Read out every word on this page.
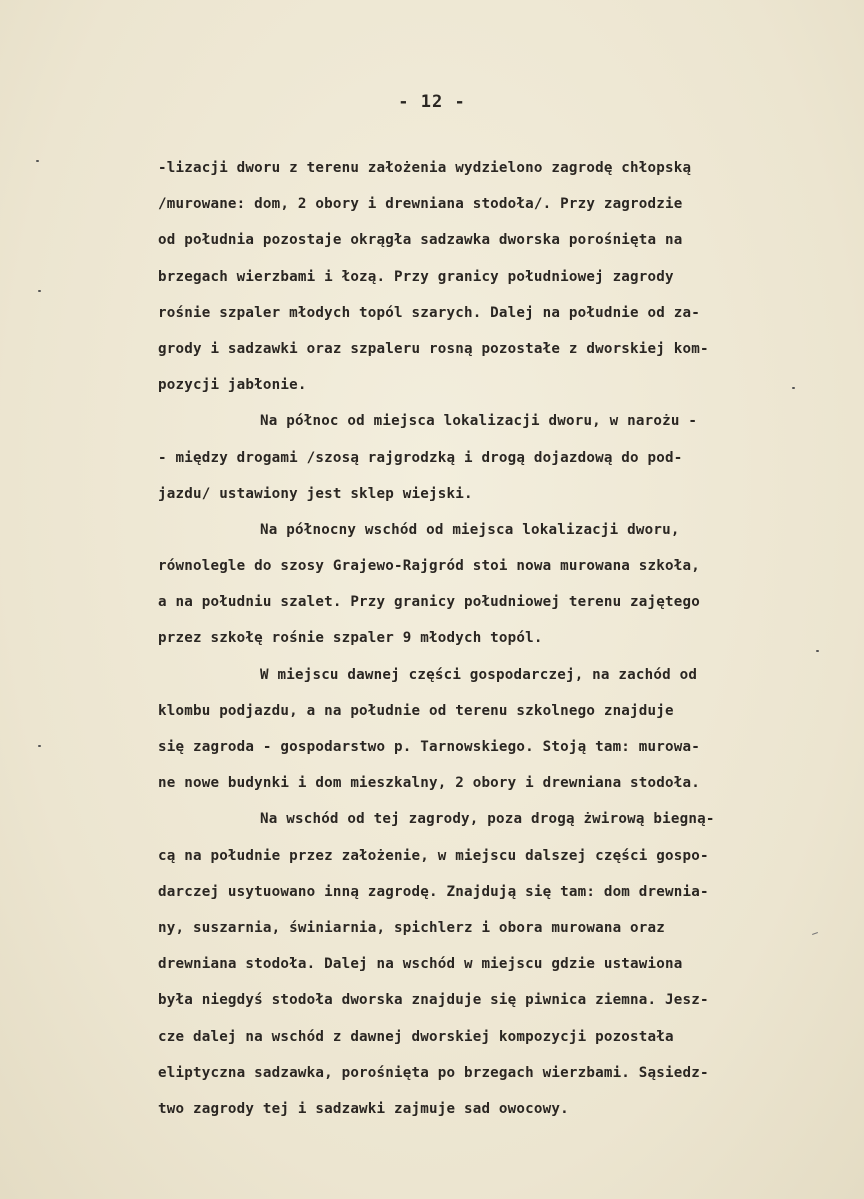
- 12 -
-lizacji dworu z terenu założenia wydzielono zagrodę chłopską
/murowane: dom, 2 obory i drewniana stodoła/. Przy zagrodzie
od południa pozostaje okrągła sadzawka dworska porośnięta na
brzegach wierzbami i łozą. Przy granicy południowej zagrody
rośnie szpaler młodych topól szarych. Dalej na południe od za-
grody i sadzawki oraz szpaleru rosną pozostałe z dworskiej kom-
pozycji jabłonie.
Na północ od miejsca lokalizacji dworu, w narożu -
- między drogami /szosą rajgrodzką i drogą dojazdową do pod-
jazdu/ ustawiony jest sklep wiejski.
Na północny wschód od miejsca lokalizacji dworu,
równolegle do szosy Grajewo-Rajgród stoi nowa murowana szkoła,
a na południu szalet. Przy granicy południowej terenu zajętego
przez szkołę rośnie szpaler 9 młodych topól.
W miejscu dawnej części gospodarczej, na zachód od
klombu podjazdu, a na południe od terenu szkolnego znajduje
się zagroda - gospodarstwo p. Tarnowskiego. Stoją tam: murowa-
ne nowe budynki i dom mieszkalny, 2 obory i drewniana stodoła.
Na wschód od tej zagrody, poza drogą żwirową biegną-
cą na południe przez założenie, w miejscu dalszej części gospo-
darczej usytuowano inną zagrodę. Znajdują się tam: dom drewnia-
ny, suszarnia, świniarnia, spichlerz i obora murowana oraz
drewniana stodoła. Dalej na wschód w miejscu gdzie ustawiona
była niegdyś stodoła dworska znajduje się piwnica ziemna. Jesz-
cze dalej na wschód z dawnej dworskiej kompozycji pozostała
eliptyczna sadzawka, porośnięta po brzegach wierzbami. Sąsiedz-
two zagrody tej i sadzawki zajmuje sad owocowy.
